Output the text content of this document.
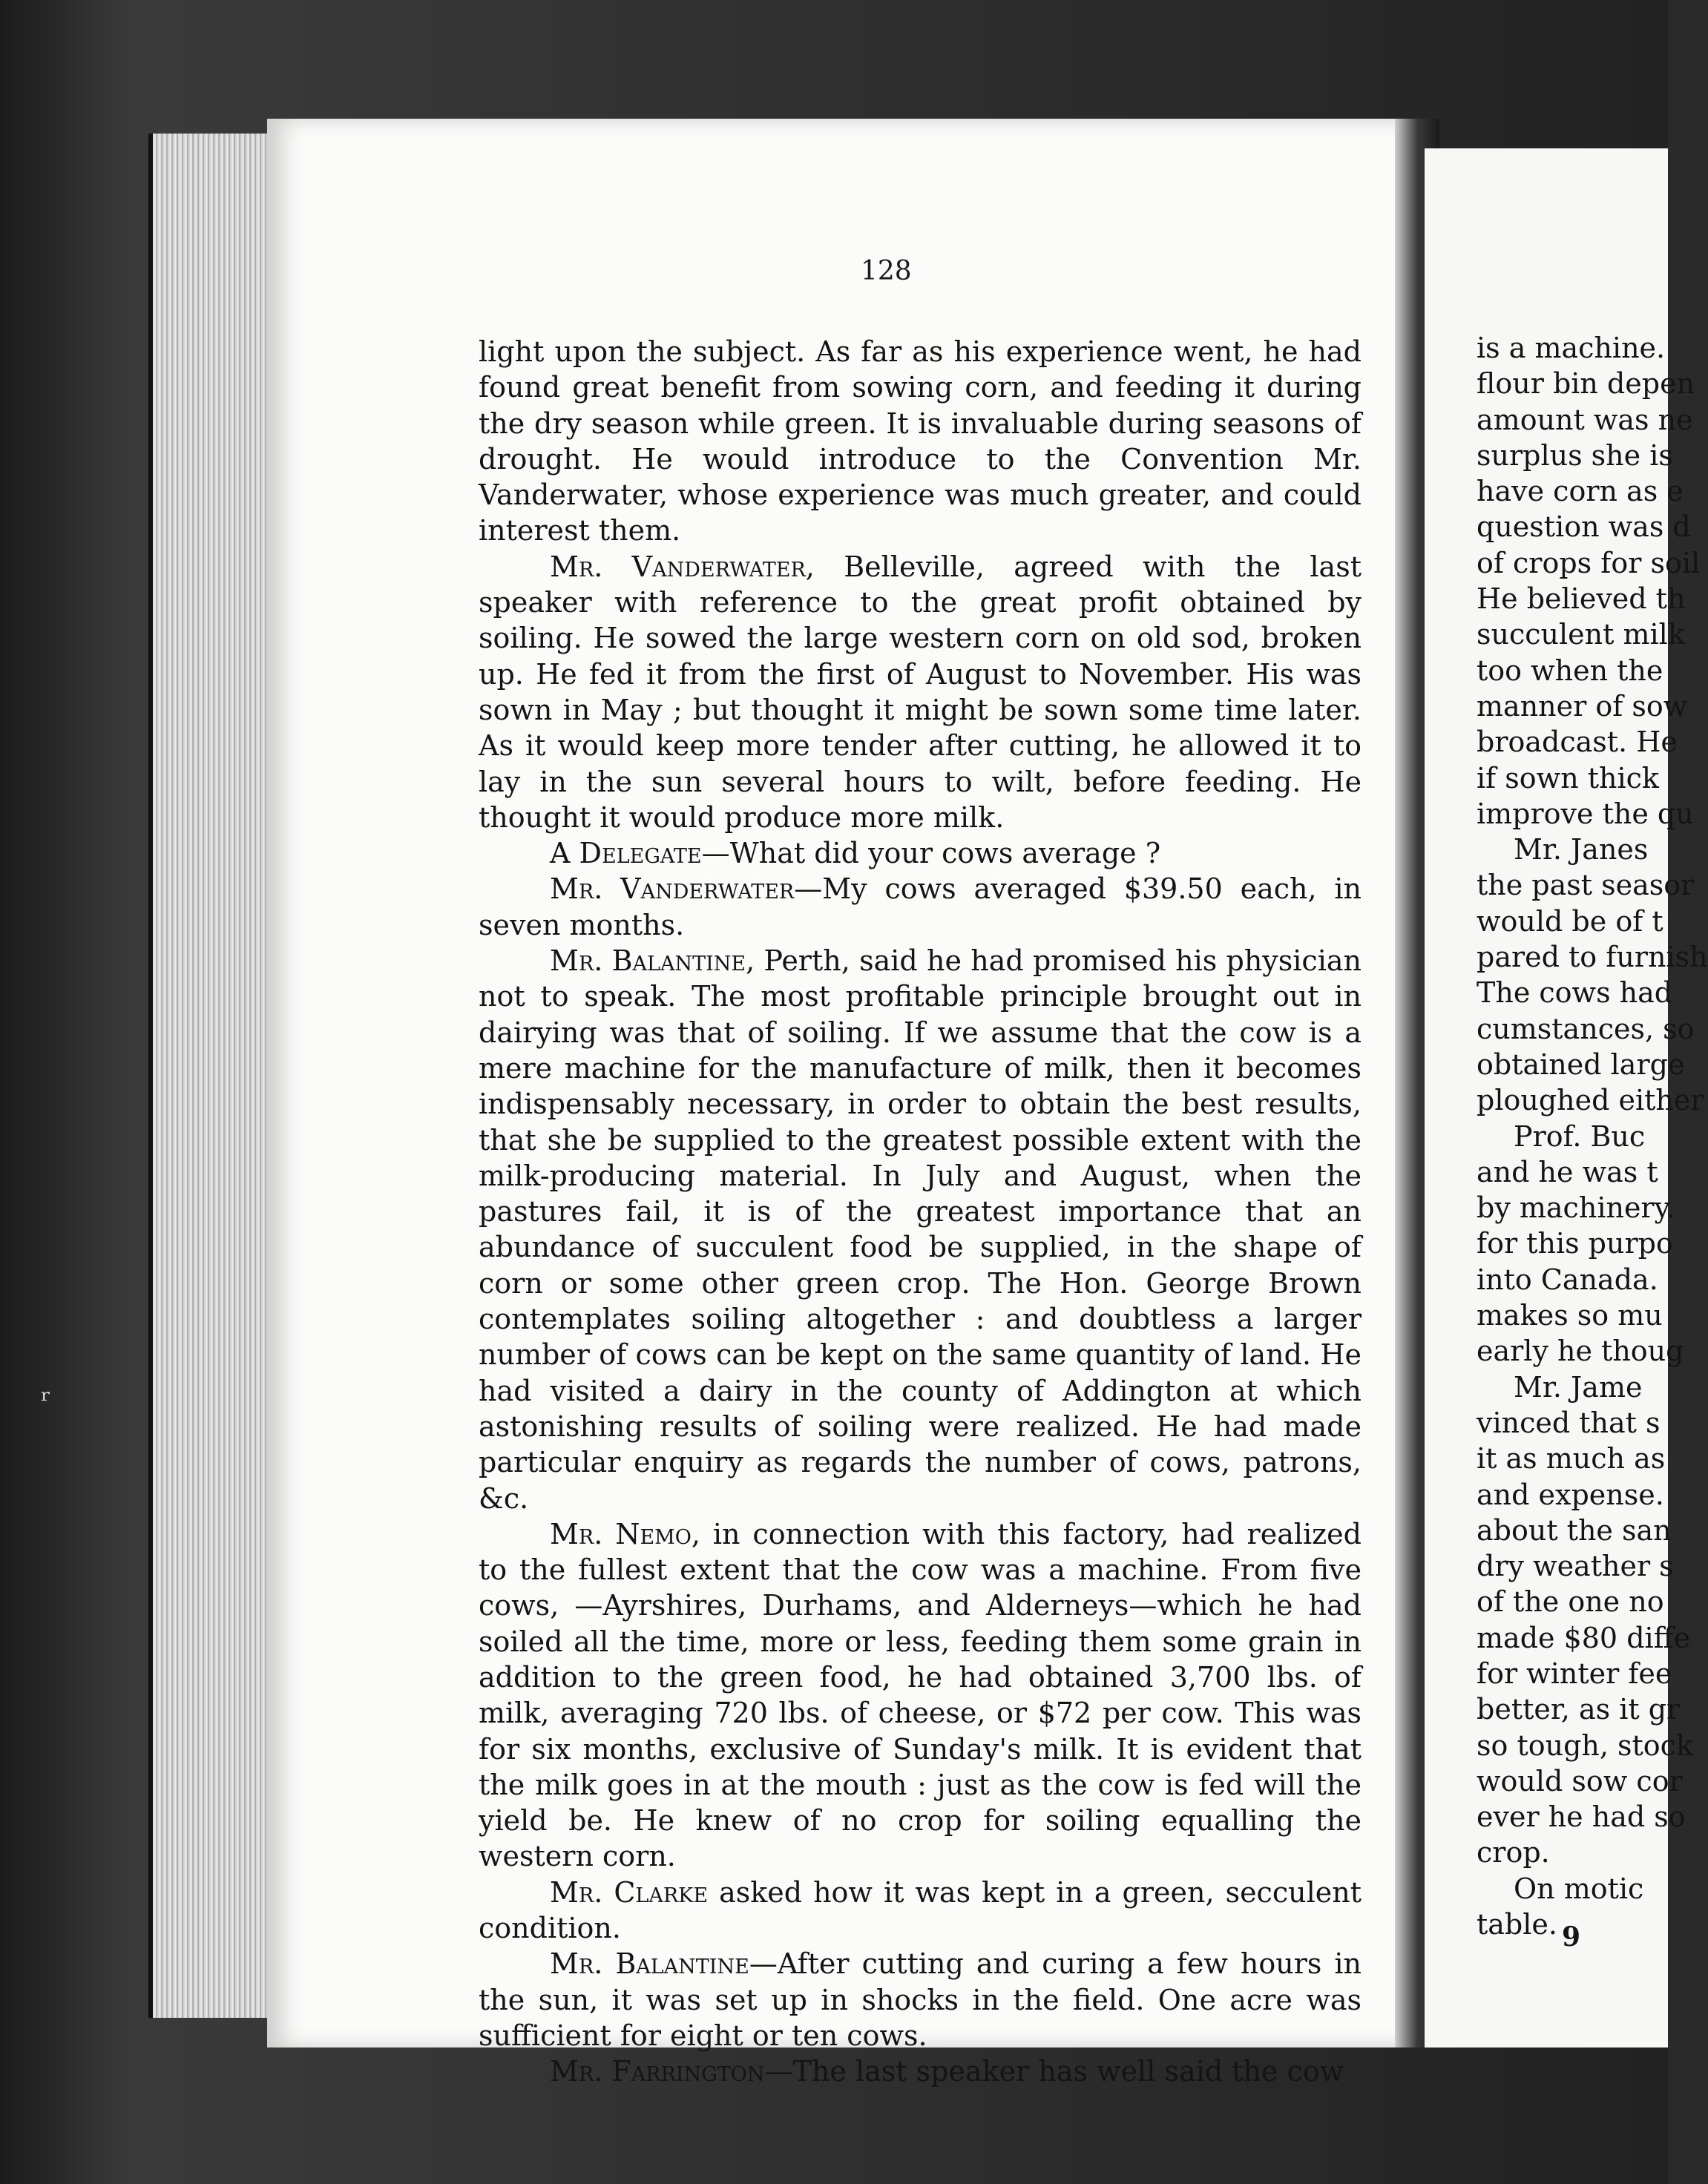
ʳ
128

light upon the subject. As far as his experience went, he had found great benefit from sowing corn, and feeding it during the dry season while green. It is invaluable during seasons of drought. He would introduce to the Convention Mr. Vanderwater, whose experience was much greater, and could interest them.

Mr. Vanderwater, Belleville, agreed with the last speaker with reference to the great profit obtained by soiling. He sowed the large western corn on old sod, broken up. He fed it from the first of August to November. His was sown in May ; but thought it might be sown some time later. As it would keep more tender after cutting, he allowed it to lay in the sun several hours to wilt, before feeding. He thought it would produce more milk.

A Delegate—What did your cows average ?

Mr. Vanderwater—My cows averaged $39.50 each, in seven months.

Mr. Balantine, Perth, said he had promised his physician not to speak. The most profitable principle brought out in dairying was that of soiling. If we assume that the cow is a mere machine for the manufacture of milk, then it becomes indispensably necessary, in order to obtain the best results, that she be supplied to the greatest possible extent with the milk-producing material. In July and August, when the pastures fail, it is of the greatest importance that an abundance of succulent food be supplied, in the shape of corn or some other green crop. The Hon. George Brown contemplates soiling altogether : and doubtless a larger number of cows can be kept on the same quantity of land. He had visited a dairy in the county of Addington at which astonishing results of soiling were realized. He had made particular enquiry as regards the number of cows, patrons, &c.

Mr. Nemo, in connection with this factory, had realized to the fullest extent that the cow was a machine. From five cows, —Ayrshires, Durhams, and Alderneys—which he had soiled all the time, more or less, feeding them some grain in addition to the green food, he had obtained 3,700 lbs. of milk, averaging 720 lbs. of cheese, or $72 per cow. This was for six months, exclusive of Sunday's milk. It is evident that the milk goes in at the mouth : just as the cow is fed will the yield be. He knew of no crop for soiling equalling the western corn.

Mr. Clarke asked how it was kept in a green, secculent condition.

Mr. Balantine—After cutting and curing a few hours in the sun, it was set up in shocks in the field. One acre was sufficient for eight or ten cows.

Mr. Farrington—The last speaker has well said the cow

is a machine.
flour bin depen
amount was ne
surplus she is
have corn as e
question was d
of crops for soil
He believed th
succulent milk
too when the
manner of sow
broadcast. He
if sown thick
improve the qu
Mr. Janes
the past seasor
would be of t
pared to furnish
The cows had
cumstances, so
obtained large
ploughed either
Prof. Buc
and he was t
by machinery.
for this purpo
into Canada.
makes so mu
early he thoug
Mr. Jame
vinced that s
it as much as
and expense.
about the san
dry weather s
of the one no
made $80 diffe
for winter fee
better, as it gr
so tough, stock
would sow cor
ever he had so
crop.
On motic
table. 9
